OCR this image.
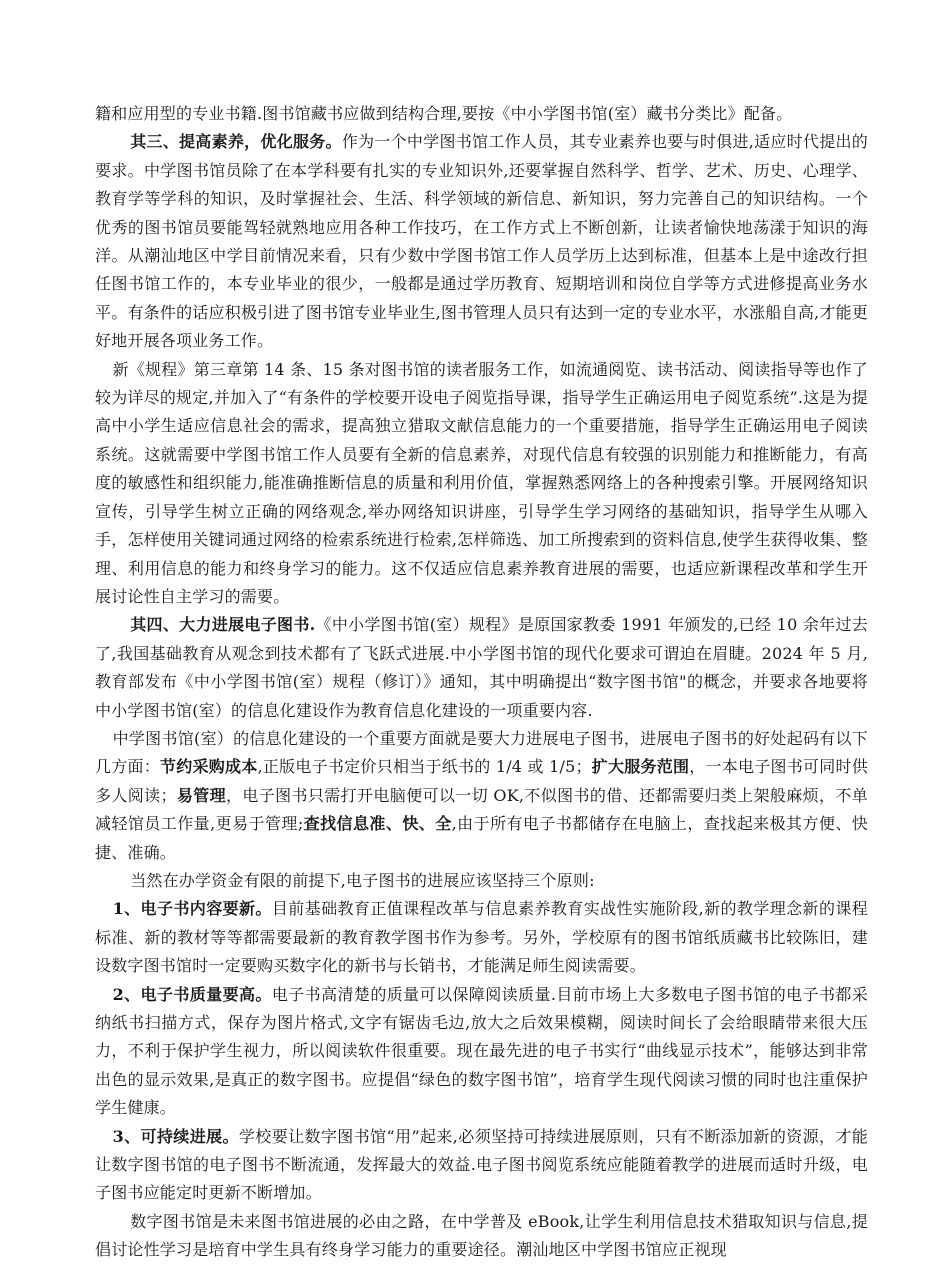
籍和应用型的专业书籍.图书馆藏书应做到结构合理,要按《中小学图书馆(室）藏书分类比》配备。

其三、提高素养，优化服务。作为一个中学图书馆工作人员，其专业素养也要与时俱进,适应时代提出的要求。中学图书馆员除了在本学科要有扎实的专业知识外,还要掌握自然科学、哲学、艺术、历史、心理学、教育学等学科的知识，及时掌握社会、生活、科学领域的新信息、新知识，努力完善自己的知识结构。一个优秀的图书馆员要能驾轻就熟地应用各种工作技巧，在工作方式上不断创新，让读者愉快地荡漾于知识的海洋。从潮汕地区中学目前情况来看，只有少数中学图书馆工作人员学历上达到标准，但基本上是中途改行担任图书馆工作的，本专业毕业的很少，一般都是通过学历教育、短期培训和岗位自学等方式进修提高业务水平。有条件的话应积极引进了图书馆专业毕业生,图书管理人员只有达到一定的专业水平，水涨船自高,才能更好地开展各项业务工作。

新《规程》第三章第 14 条、15 条对图书馆的读者服务工作，如流通阅览、读书活动、阅读指导等也作了较为详尽的规定,并加入了“有条件的学校要开设电子阅览指导课，指导学生正确运用电子阅览系统”.这是为提高中小学生适应信息社会的需求，提高独立猎取文献信息能力的一个重要措施，指导学生正确运用电子阅读系统。这就需要中学图书馆工作人员要有全新的信息素养，对现代信息有较强的识别能力和推断能力，有高度的敏感性和组织能力,能准确推断信息的质量和利用价值，掌握熟悉网络上的各种搜索引擎。开展网络知识宣传，引导学生树立正确的网络观念,举办网络知识讲座，引导学生学习网络的基础知识，指导学生从哪入手，怎样使用关键词通过网络的检索系统进行检索,怎样筛选、加工所搜索到的资料信息,使学生获得收集、整理、利用信息的能力和终身学习的能力。这不仅适应信息素养教育进展的需要，也适应新课程改革和学生开展讨论性自主学习的需要。

其四、大力进展电子图书.《中小学图书馆(室）规程》是原国家教委 1991 年颁发的,已经 10 余年过去了,我国基础教育从观念到技术都有了飞跃式进展.中小学图书馆的现代化要求可谓迫在眉睫。2024 年 5 月,教育部发布《中小学图书馆(室）规程（修订）》通知，其中明确提出“数字图书馆"的概念，并要求各地要将中小学图书馆(室）的信息化建设作为教育信息化建设的一项重要内容.

中学图书馆(室）的信息化建设的一个重要方面就是要大力进展电子图书，进展电子图书的好处起码有以下几方面：节约采购成本,正版电子书定价只相当于纸书的 1/4 或 1/5；扩大服务范围，一本电子图书可同时供多人阅读；易管理，电子图书只需打开电脑便可以一切 OK,不似图书的借、还都需要归类上架般麻烦，不单减轻馆员工作量,更易于管理;查找信息准、快、全,由于所有电子书都储存在电脑上，查找起来极其方便、快捷、准确。

当然在办学资金有限的前提下,电子图书的进展应该坚持三个原则:

1、电子书内容要新。目前基础教育正值课程改革与信息素养教育实战性实施阶段,新的教学理念新的课程标准、新的教材等等都需要最新的教育教学图书作为参考。另外，学校原有的图书馆纸质藏书比较陈旧，建设数字图书馆时一定要购买数字化的新书与长销书，才能满足师生阅读需要。

2、电子书质量要高。电子书高清楚的质量可以保障阅读质量.目前市场上大多数电子图书馆的电子书都采纳纸书扫描方式，保存为图片格式,文字有锯齿毛边,放大之后效果模糊，阅读时间长了会给眼睛带来很大压力，不利于保护学生视力，所以阅读软件很重要。现在最先进的电子书实行“曲线显示技术”，能够达到非常出色的显示效果,是真正的数字图书。应提倡“绿色的数字图书馆”，培育学生现代阅读习惯的同时也注重保护学生健康。

3、可持续进展。学校要让数字图书馆“用”起来,必须坚持可持续进展原则，只有不断添加新的资源，才能让数字图书馆的电子图书不断流通，发挥最大的效益.电子图书阅览系统应能随着教学的进展而适时升级，电子图书应能定时更新不断增加。

数字图书馆是未来图书馆进展的必由之路，在中学普及 eBook,让学生利用信息技术猎取知识与信息,提倡讨论性学习是培育中学生具有终身学习能力的重要途径。潮汕地区中学图书馆应正视现
